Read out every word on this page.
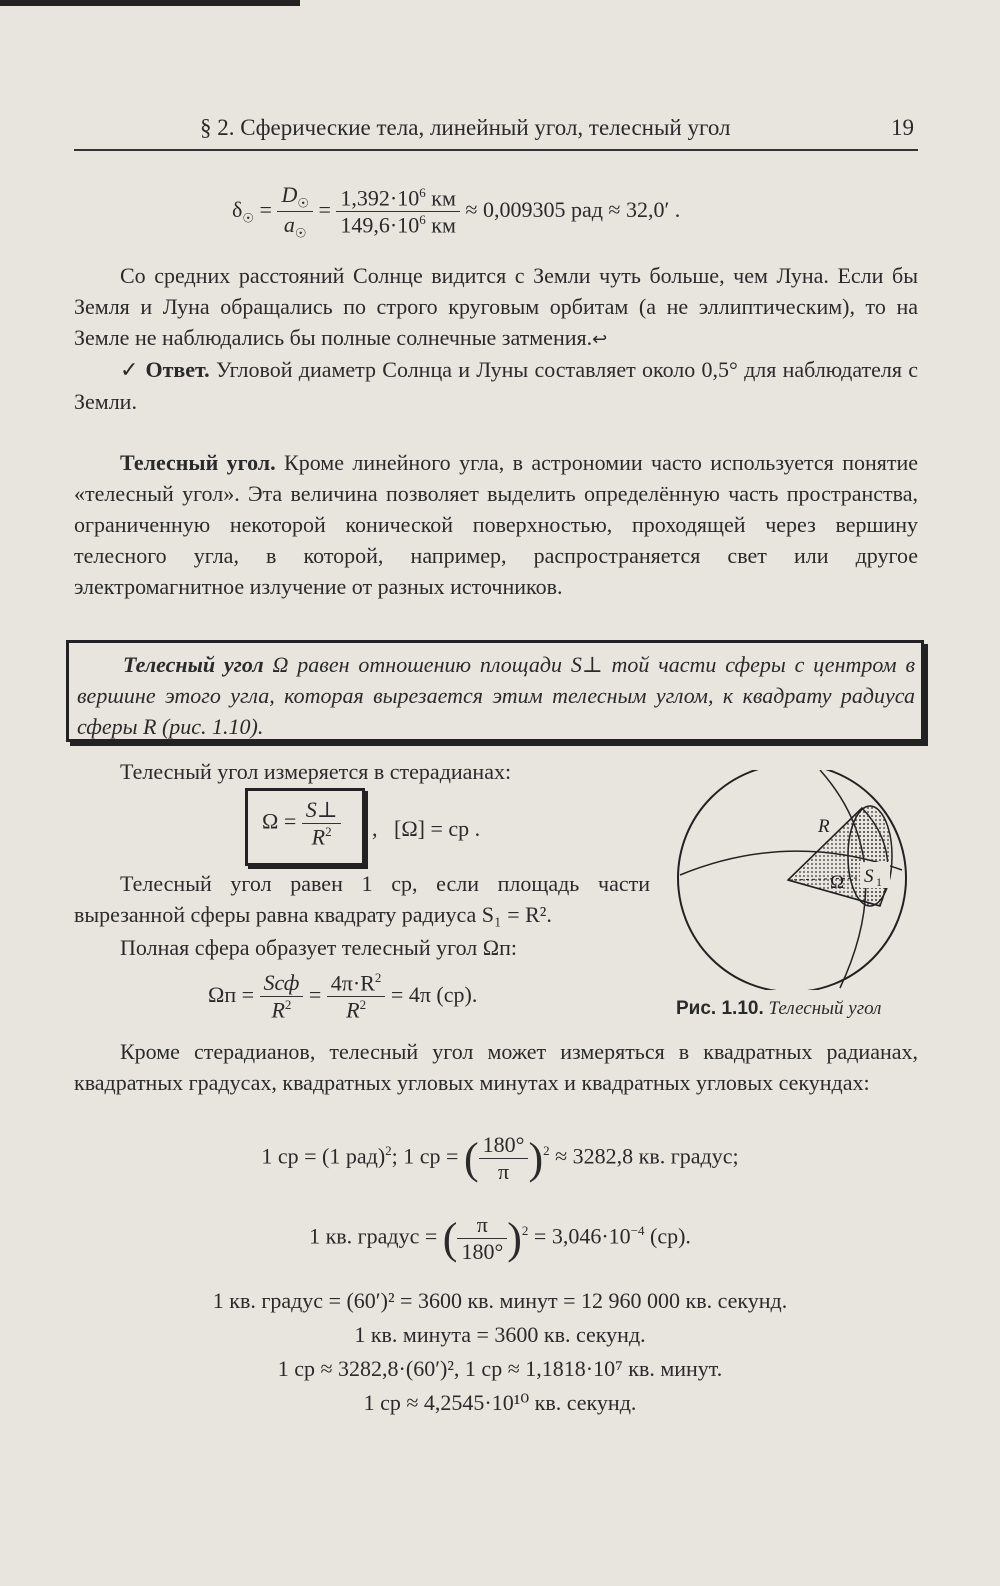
§ 2. Сферические тела, линейный угол, телесный угол	19
$\delta_☉ = \frac{D_☉}{a_☉} = \frac{1,392\cdot 10^6 км}{149,6\cdot 10^6 км} \approx 0,009305$ рад ≈ 32,0′ .

Со средних расстояний Солнце видится с Земли чуть больше, чем Луна. Если бы Земля и Луна обращались по строго круговым орбитам (а не эллиптическим), то на Земле не наблюдались бы полные солнечные затмения.↩

✓ Ответ. Угловой диаметр Солнца и Луны составляет около 0,5° для наблюдателя с Земли.

Телесный угол. Кроме линейного угла, в астрономии часто используется понятие «телесный угол». Эта величина позволяет выделить определённую часть пространства, ограниченную некоторой конической поверхностью, проходящей через вершину телесного угла, в которой, например, распространяется свет или другое электромагнитное излучение от разных источников.

Телесный угол Ω равен отношению площади S⊥ той части сферы с центром в вершине этого угла, которая вырезается этим телесным углом, к квадрату радиуса сферы R (рис. 1.10).

Телесный угол измеряется в стерадианах:

$\Omega = \frac{S\perp}{R^2}$ ,   [Ω] = ср .

Телесный угол равен 1 ср, если площадь части вырезанной сферы равна квадрату радиуса S₁ = R².

Полная сфера образует телесный угол Ωп:

$\Omega п = \frac{\text{Sсф}}{R^2} = \frac{4\pi\cdot R^2}{R^2} = 4\pi$ (ср).
R
Ω S 1
Рис. 1.10. Телесный угол

Кроме стерадианов, телесный угол может измеряться в квадратных радианах, квадратных градусах, квадратных угловых минутах и квадратных угловых секундах:

1 ср = (1 рад)$^2$; 1 ср = ( $\frac{180^\circ}{\pi} )^2 \approx 3282,8$ кв. градус;
1 кв. градус = ( $\frac{\pi}{180^\circ} )^2 = 3,046\cdot 10^{-4}$ (ср).
1 кв. градус = (60′)² = 3600 кв. минут = 12 960 000 кв. секунд.
1 кв. минута = 3600 кв. секунд.
1 ср ≈ 3282,8·(60′)², 1 ср ≈ 1,1818·10⁷ кв. минут.
1 ср ≈ 4,2545·10¹⁰ кв. секунд.
